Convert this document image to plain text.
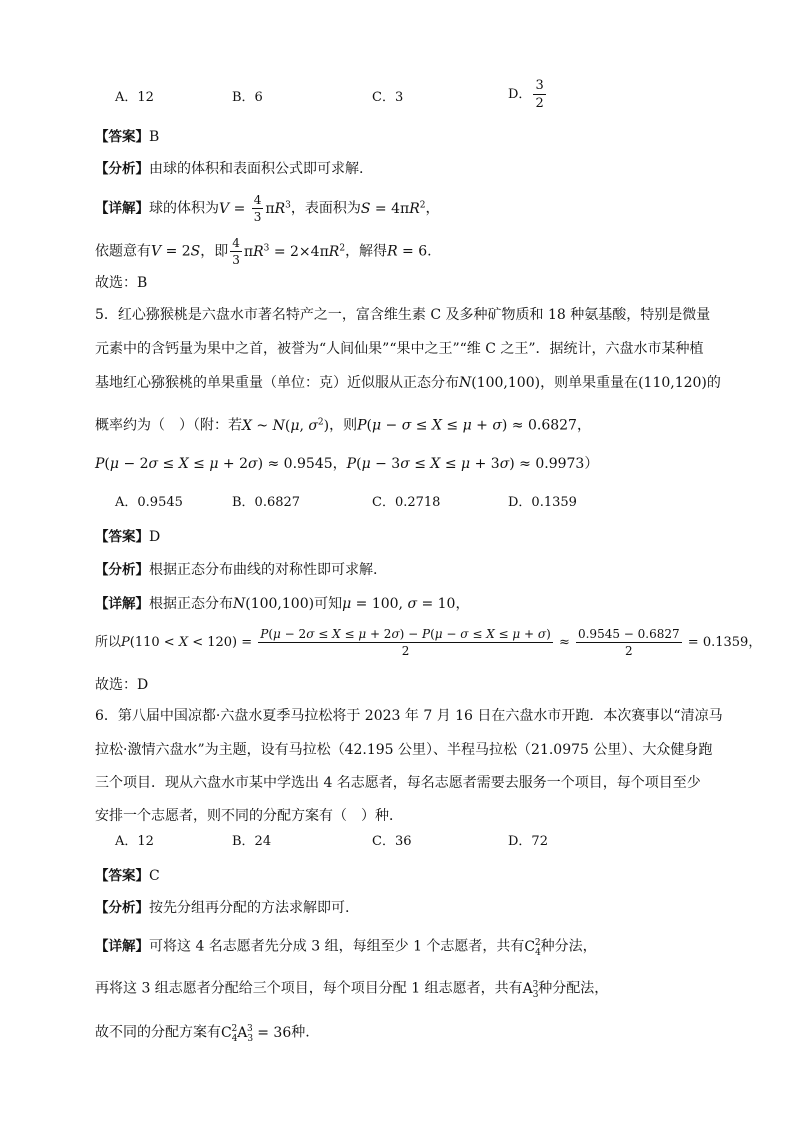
A．12	B．6	C．3	D． $\frac{3}{2}$
【答案】B
【分析】由球的体积和表面积公式即可求解.
【详解】球的体积为$V = \frac{4}{3} \pi R^3$，表面积为$S = 4\pi R^2$，
依题意有V = 2S，即 $\frac{4}{3} \pi R^3 = 2\times 4\pi R^2$，解得R = 6.
故选：B
5．红心猕猴桃是六盘水市著名特产之一，富含维生素 C 及多种矿物质和 18 种氨基酸，特别是微量
元素中的含钙量为果中之首，被誉为“人间仙果”“果中之王”“维 C 之王”．据统计，六盘水市某种植
基地红心猕猴桃的单果重量（单位：克）近似服从正态分布N(100,100)，则单果重量在(110,120)的
概率约为（　）（附：若X ~ N(μ, $\sigma^2$)，则P(μ − σ ≤ X ≤ μ + σ) ≈ 0.6827，
P(μ − 2σ ≤ X ≤ μ + 2σ) ≈ 0.9545，P(μ − 3σ ≤ X ≤ μ + 3σ) ≈ 0.9973）
A．0.9545	B．0.6827	C．0.2718	D．0.1359
【答案】D
【分析】根据正态分布曲线的对称性即可求解.
【详解】根据正态分布N(100,100)可知μ = 100, σ = 10，
所以$P(110 < X < 120) = \frac{P(\mu - 2\sigma \le X \le \mu + 2\sigma) - P(\mu - \sigma \le X \le \mu + \sigma)}{2} \approx \frac{0.9545 - 0.6827}{2} = 0.1359$，
故选：D
6．第八届中国凉都·六盘水夏季马拉松将于 2023 年 7 月 16 日在六盘水市开跑．本次赛事以“清凉马
拉松·激情六盘水”为主题，设有马拉松（42.195 公里）、半程马拉松（21.0975 公里）、大众健身跑
三个项目．现从六盘水市某中学选出 4 名志愿者，每名志愿者需要去服务一个项目，每个项目至少
安排一个志愿者，则不同的分配方案有（　）种．
A．12	B．24	C．36	D．72
【答案】C
【分析】按先分组再分配的方法求解即可.
【详解】可将这 4 名志愿者先分成 3 组，每组至少 1 个志愿者，共有$C_4^2$种分法，
再将这 3 组志愿者分配给三个项目，每个项目分配 1 组志愿者，共有$A_3^3$种分配法，
故不同的分配方案有$C_4^2A_3^3 = 36$种.
